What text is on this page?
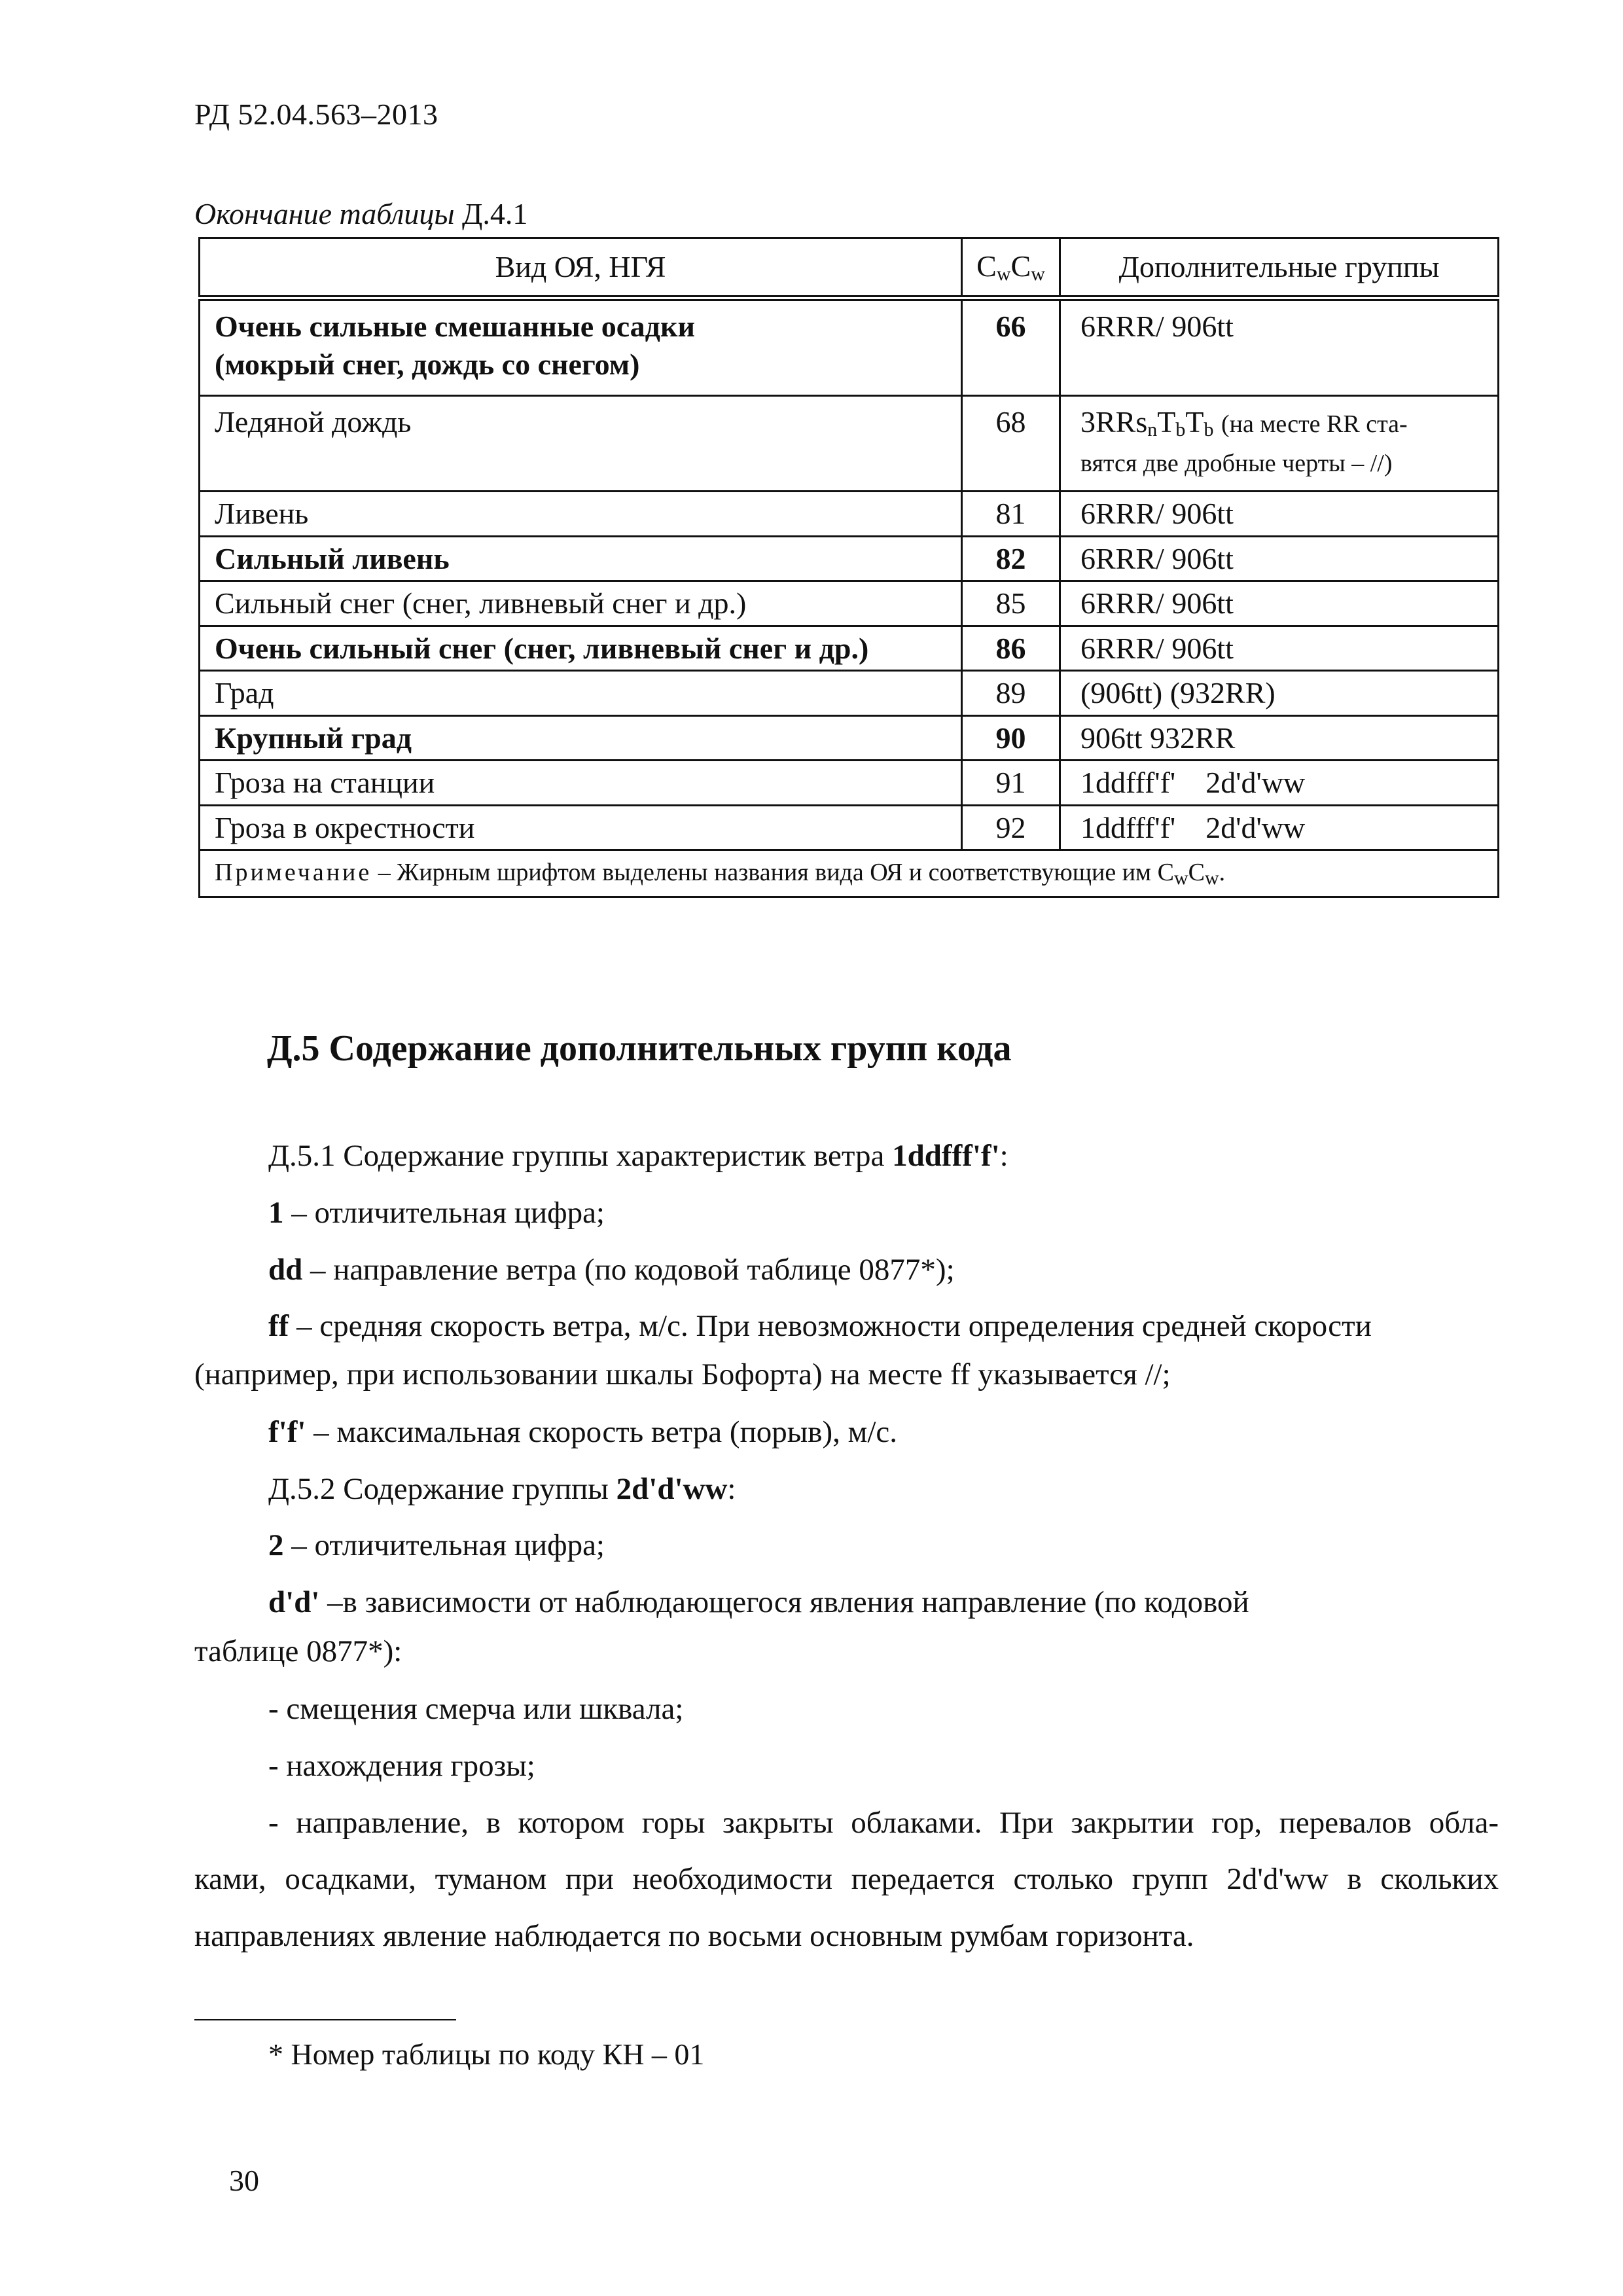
РД 52.04.563–2013
Окончание таблицы Д.4.1
Вид ОЯ, НГЯ	$C_wC_w$	Дополнительные группы
Очень сильные смешанные осадки
(мокрый снег, дождь со снегом)	66	6RRR/ 906tt
Ледяной дождь	68	$3RRs_nT_bT_b$ (на месте RR ста-
вятся две дробные черты – //)
Ливень	81	6RRR/ 906tt
Сильный ливень	82	6RRR/ 906tt
Сильный снег (снег, ливневый снег и др.)	85	6RRR/ 906tt
Очень сильный снег (снег, ливневый снег и др.)	86	6RRR/ 906tt
Град	89	(906tt) (932RR)
Крупный град	90	906tt 932RR
Гроза на станции	91	1ddfff'f'    2d'd'ww
Гроза в окрестности	92	1ddfff'f'    2d'd'ww
Примечание – Жирным шрифтом выделены названия вида ОЯ и соответствующие им $C_wC_w$.		
Д.5 Содержание дополнительных групп кода
Д.5.1 Содержание группы характеристик ветра 1ddfff'f':
1 – отличительная цифра;
dd – направление ветра (по кодовой таблице 0877*);
ff – средняя скорость ветра, м/с. При невозможности определения средней скорости
(например, при использовании шкалы Бофорта) на месте ff указывается //;
f'f' – максимальная скорость ветра (порыв), м/с.
Д.5.2 Содержание группы 2d'd'ww:
2 – отличительная цифра;
d'd' –в зависимости от наблюдающегося явления направление (по кодовой
таблице 0877*):
- смещения смерча или шквала;
- нахождения грозы;
- направление, в котором горы закрыты облаками. При закрытии гор, перевалов обла-
ками, осадками, туманом при необходимости передается столько групп 2d'd'ww в скольких
направлениях явление наблюдается по восьми основным румбам горизонта.
* Номер таблицы по коду КН – 01
30
